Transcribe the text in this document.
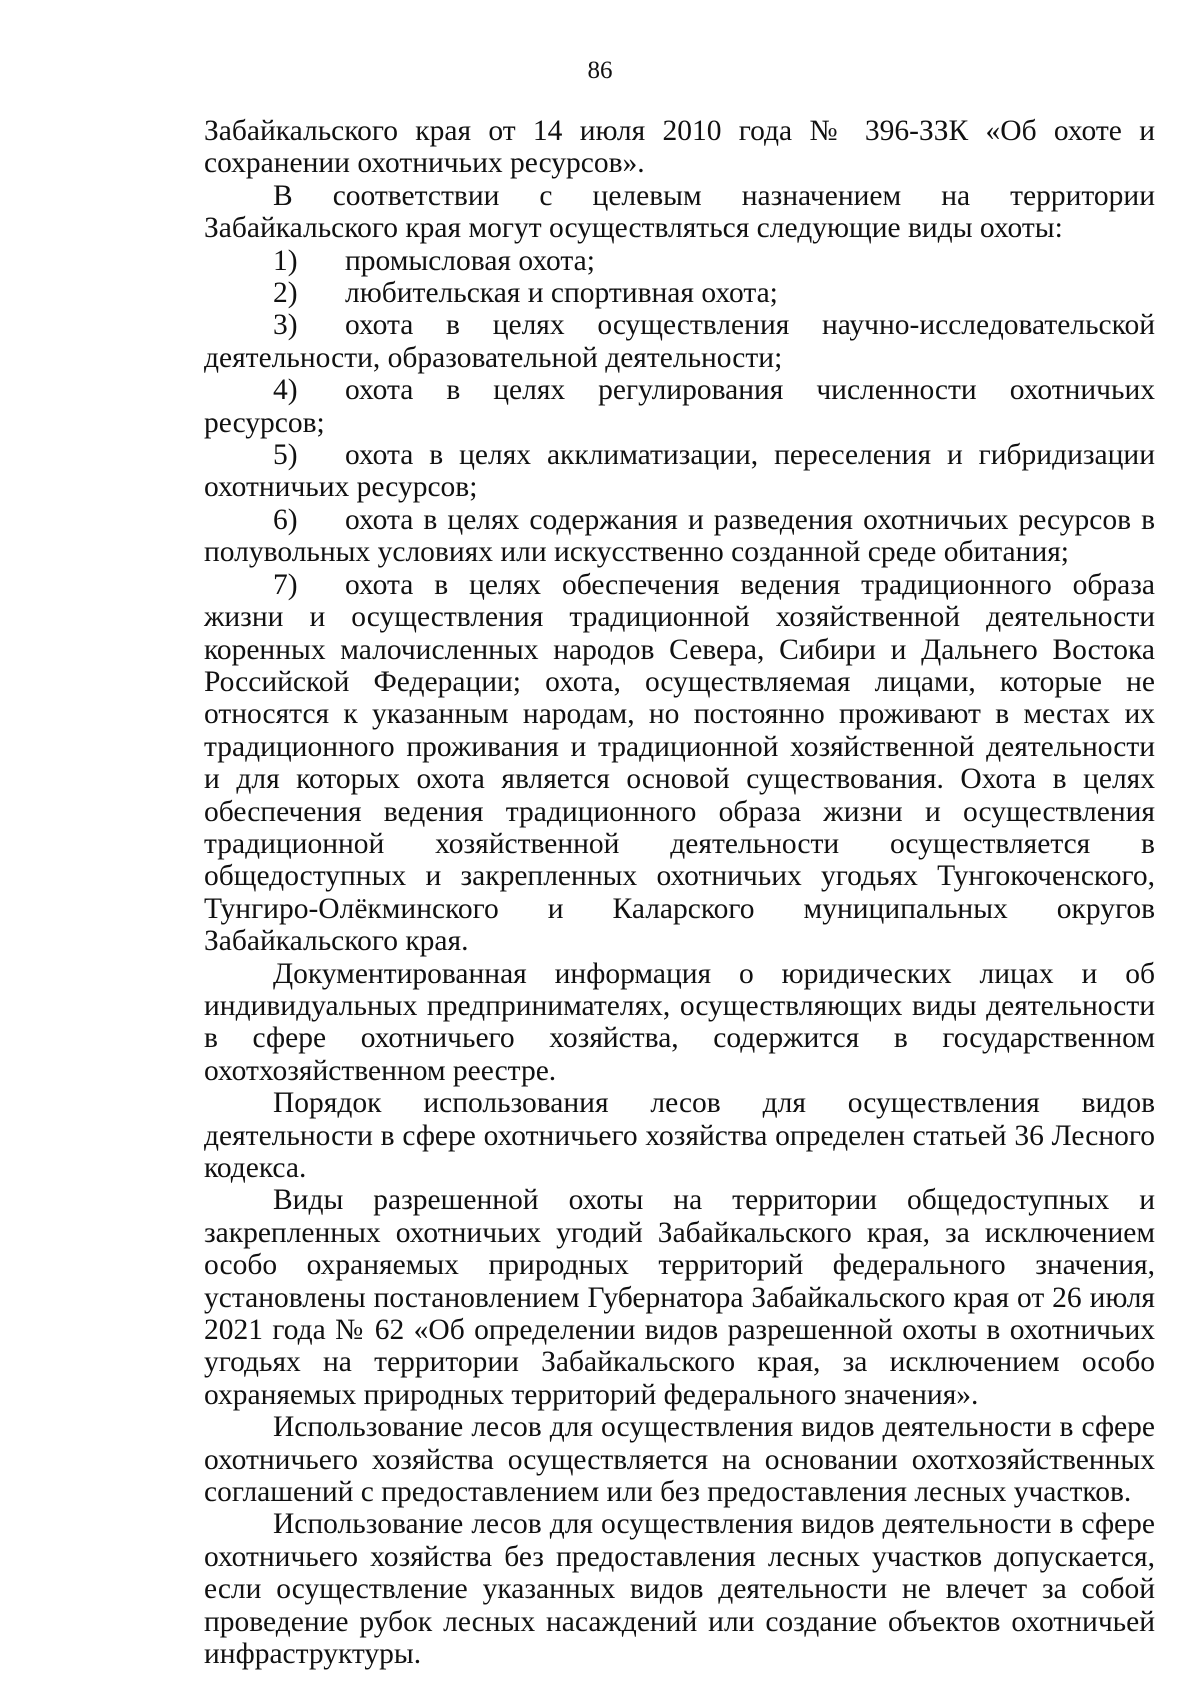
86

Забайкальского края от 14 июля 2010 года № 396-ЗЗК «Об охоте и сохранении охотничьих ресурсов».

В соответствии с целевым назначением на территории Забайкальского края могут осуществляться следующие виды охоты:

1) промысловая охота;

2) любительская и спортивная охота;

3) охота в целях осуществления научно-исследовательской деятельности, образовательной деятельности;

4) охота в целях регулирования численности охотничьих ресурсов;

5) охота в целях акклиматизации, переселения и гибридизации охотничьих ресурсов;

6) охота в целях содержания и разведения охотничьих ресурсов в полувольных условиях или искусственно созданной среде обитания;

7) охота в целях обеспечения ведения традиционного образа жизни и осуществления традиционной хозяйственной деятельности коренных малочисленных народов Севера, Сибири и Дальнего Востока Российской Федерации; охота, осуществляемая лицами, которые не относятся к указанным народам, но постоянно проживают в местах их традиционного проживания и традиционной хозяйственной деятельности и для которых охота является основой существования. Охота в целях обеспечения ведения традиционного образа жизни и осуществления традиционной хозяйственной деятельности осуществляется в общедоступных и закрепленных охотничьих угодьях Тунгокоченского, Тунгиро-Олёкминского и Каларского муниципальных округов Забайкальского края.

Документированная информация о юридических лицах и об индивидуальных предпринимателях, осуществляющих виды деятельности в сфере охотничьего хозяйства, содержится в государственном охотхозяйственном реестре.

Порядок использования лесов для осуществления видов деятельности в сфере охотничьего хозяйства определен статьей 36 Лесного кодекса.

Виды разрешенной охоты на территории общедоступных и закрепленных охотничьих угодий Забайкальского края, за исключением особо охраняемых природных территорий федерального значения, установлены постановлением Губернатора Забайкальского края от 26 июля 2021 года № 62 «Об определении видов разрешенной охоты в охотничьих угодьях на территории Забайкальского края, за исключением особо охраняемых природных территорий федерального значения».

Использование лесов для осуществления видов деятельности в сфере охотничьего хозяйства осуществляется на основании охотхозяйственных соглашений с предоставлением или без предоставления лесных участков.

Использование лесов для осуществления видов деятельности в сфере охотничьего хозяйства без предоставления лесных участков допускается, если осуществление указанных видов деятельности не влечет за собой проведение рубок лесных насаждений или создание объектов охотничьей инфраструктуры.
